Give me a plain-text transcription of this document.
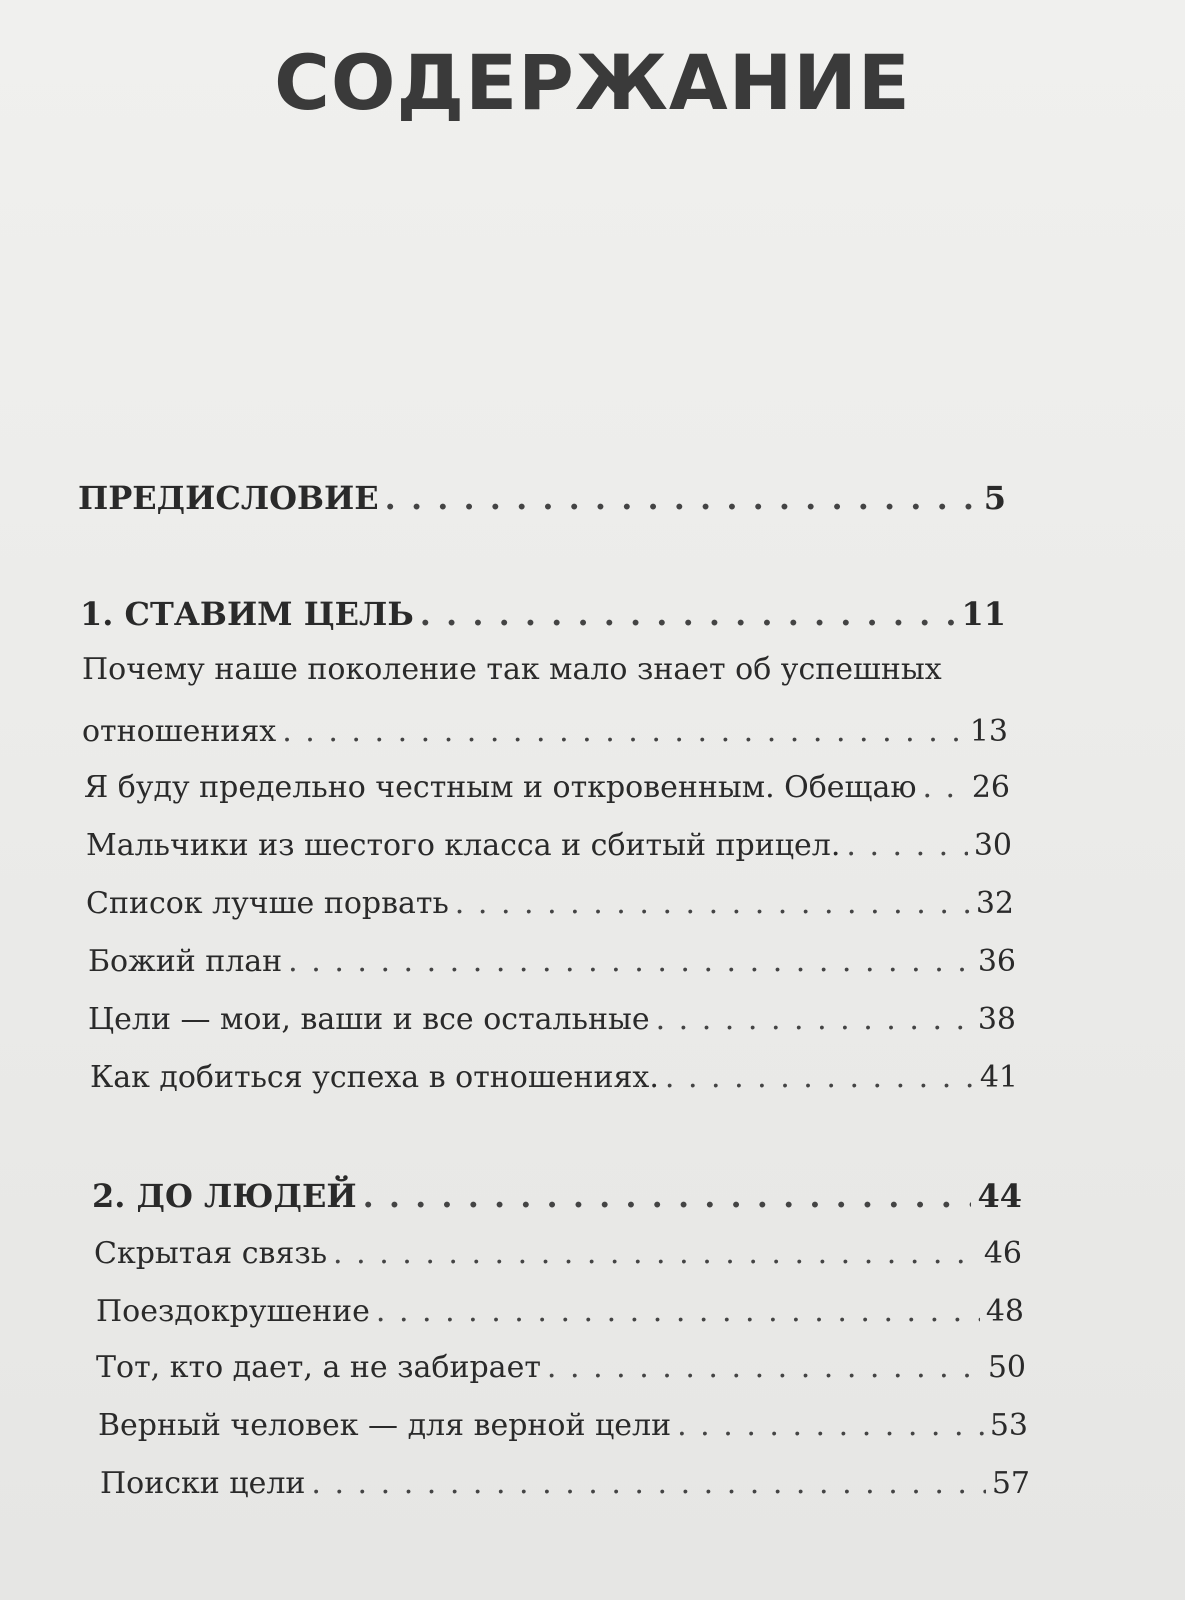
СОДЕРЖАНИЕ
ПРЕДИСЛОВИЕ . . .	5
1. СТАВИМ ЦЕЛЬ . . .	11
Почему наше поколение так мало знает об успешных
отношениях . . .	13
Я буду предельно честным и откровенным. Обещаю . . . 26
Мальчики из шестого класса и сбитый прицел. . . .	30
Список лучше порвать . . .	32
Божий план . . .	36
Цели — мои, ваши и все остальные . . .	38
Как добиться успеха в отношениях. . . .	41
2. ДО ЛЮДЕЙ . . .	44
Скрытая связь . . .	46
Поездокрушение . . .	48
Тот, кто дает, а не забирает . . .	50
Верный человек — для верной цели . . .	53
Поиски цели . . .	57
